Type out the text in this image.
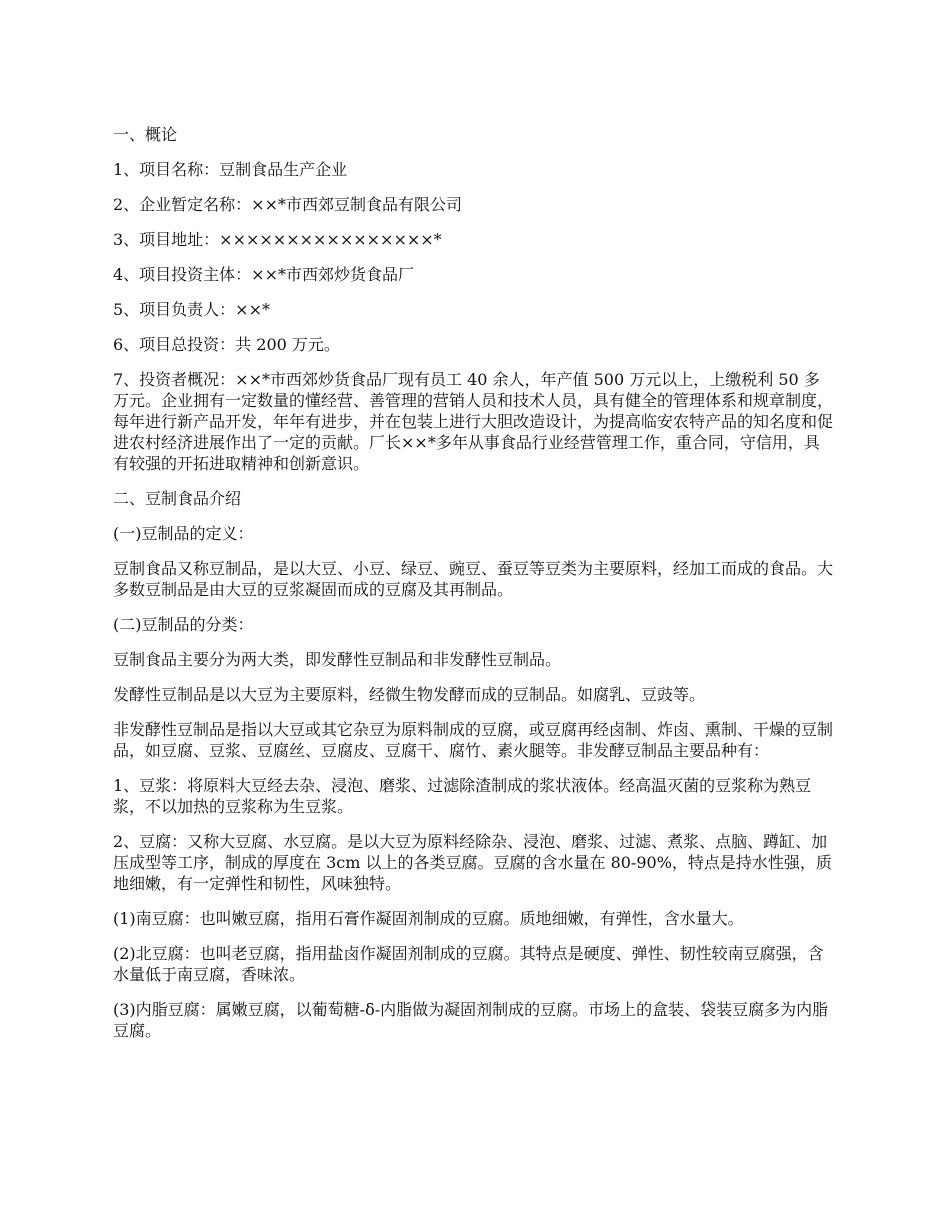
一、概论

1、项目名称：豆制食品生产企业

2、企业暂定名称：××*市西郊豆制食品有限公司

3、项目地址：××××××××××××××××*

4、项目投资主体：××*市西郊炒货食品厂

5、项目负责人：××*

6、项目总投资：共 200 万元。

7、投资者概况：××*市西郊炒货食品厂现有员工 40 余人，年产值 500 万元以上，上缴税利 50 多万元。企业拥有一定数量的懂经营、善管理的营销人员和技术人员，具有健全的管理体系和规章制度，每年进行新产品开发，年年有进步，并在包装上进行大胆改造设计，为提高临安农特产品的知名度和促进农村经济进展作出了一定的贡献。厂长××*多年从事食品行业经营管理工作，重合同，守信用，具有较强的开拓进取精神和创新意识。

二、豆制食品介绍

(一)豆制品的定义：

豆制食品又称豆制品，是以大豆、小豆、绿豆、豌豆、蚕豆等豆类为主要原料，经加工而成的食品。大多数豆制品是由大豆的豆浆凝固而成的豆腐及其再制品。

(二)豆制品的分类：

豆制食品主要分为两大类，即发酵性豆制品和非发酵性豆制品。

发酵性豆制品是以大豆为主要原料，经微生物发酵而成的豆制品。如腐乳、豆豉等。

非发酵性豆制品是指以大豆或其它杂豆为原料制成的豆腐，或豆腐再经卤制、炸卤、熏制、干燥的豆制品，如豆腐、豆浆、豆腐丝、豆腐皮、豆腐干、腐竹、素火腿等。非发酵豆制品主要品种有：

1、豆浆：将原料大豆经去杂、浸泡、磨浆、过滤除渣制成的浆状液体。经高温灭菌的豆浆称为熟豆浆，不以加热的豆浆称为生豆浆。

2、豆腐：又称大豆腐、水豆腐。是以大豆为原料经除杂、浸泡、磨浆、过滤、煮浆、点脑、蹲缸、加压成型等工序，制成的厚度在 3cm 以上的各类豆腐。豆腐的含水量在 80-90%，特点是持水性强，质地细嫩，有一定弹性和韧性，风味独特。

(1)南豆腐：也叫嫩豆腐，指用石膏作凝固剂制成的豆腐。质地细嫩，有弹性，含水量大。

(2)北豆腐：也叫老豆腐，指用盐卤作凝固剂制成的豆腐。其特点是硬度、弹性、韧性较南豆腐强，含水量低于南豆腐，香味浓。

(3)内脂豆腐：属嫩豆腐，以葡萄糖-δ-内脂做为凝固剂制成的豆腐。市场上的盒装、袋装豆腐多为内脂豆腐。
